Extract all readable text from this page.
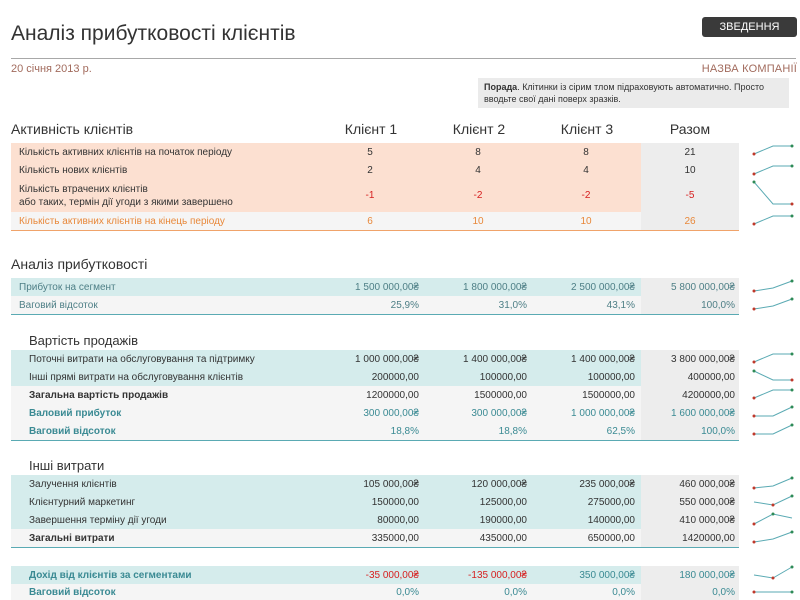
Аналіз прибутковості клієнтів	ЗВЕДЕННЯ
20 січня 2013 р.	НАЗВА КОМПАНІЇ
Порада. Клітинки із сірим тлом підраховують автоматично. Просто вводьте свої дані поверх зразків.
Активність клієнтів	Клієнт 1	Клієнт 2	Клієнт 3	Разом
Кількість активних клієнтів на початок періоду	5	8	8	21
Кількість нових клієнтів	2	4	4	10
Кількість втрачених клієнтів
або таких, термін дії угоди з якими завершено
-1	-2	-2	-5
Кількість активних клієнтів на кінець періоду	6	10	10	26
Аналіз прибутковості
Прибуток на сегмент	1 500 000,00₴	1 800 000,00₴	2 500 000,00₴	5 800 000,00₴
Ваговий відсоток	25,9%	31,0%	43,1%	100,0%
Вартість продажів
Поточні витрати на обслуговування та підтримку	1 000 000,00₴	1 400 000,00₴	1 400 000,00₴	3 800 000,00₴
Інші прямі витрати на обслуговування клієнтів	200000,00	100000,00	100000,00	400000,00
Загальна вартість продажів	1200000,00	1500000,00	1500000,00	4200000,00
Валовий прибуток	300 000,00₴	300 000,00₴	1 000 000,00₴	1 600 000,00₴
Ваговий відсоток	18,8%	18,8%	62,5%	100,0%
Інші витрати
Залучення клієнтів	105 000,00₴	120 000,00₴	235 000,00₴	460 000,00₴
Клієнтурний маркетинг	150000,00	125000,00	275000,00	550 000,00₴
Завершення терміну дії угоди	80000,00	190000,00	140000,00	410 000,00₴
Загальні витрати	335000,00	435000,00	650000,00	1420000,00
Дохід від клієнтів за сегментами	-35 000,00₴	-135 000,00₴	350 000,00₴	180 000,00₴
Ваговий відсоток	0,0%	0,0%	0,0%	0,0%
